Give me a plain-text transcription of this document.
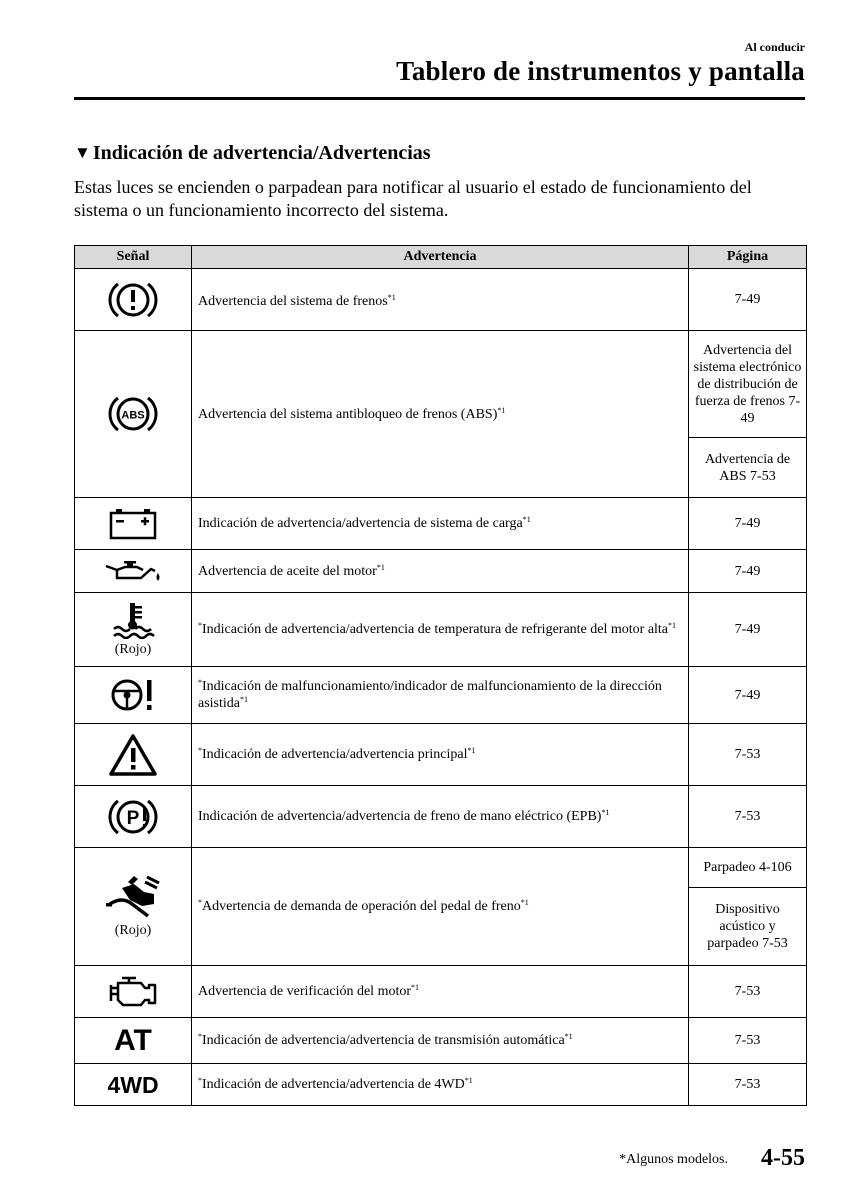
Al conducir
Tablero de instrumentos y pantalla
▼ Indicación de advertencia/Advertencias
Estas luces se encienden o parpadean para notificar al usuario el estado de funcionamiento del sistema o un funcionamiento incorrecto del sistema.
Señal	Advertencia	Página

	Advertencia del sistema de frenos$^{*1}$	7-49

ABS	Advertencia del sistema antibloqueo de frenos (ABS)$^{*1}$	Advertencia del sistema electrónico de distribución de fuerza de frenos 7-49
		Advertencia de ABS 7-53

	Indicación de advertencia/advertencia de sistema de carga$^{*1}$	7-49

	Advertencia de aceite del motor$^{*1}$	7-49

(Rojo)	*Indicación de advertencia/advertencia de temperatura de refrigerante del motor alta$^{*1}$	7-49

	*Indicación de malfuncionamiento/indicador de malfuncionamiento de la dirección asistida$^{*1}$	7-49

	*Indicación de advertencia/advertencia principal$^{*1}$	7-53

P	Indicación de advertencia/advertencia de freno de mano eléctrico (EPB)$^{*1}$	7-53

(Rojo)	*Advertencia de demanda de operación del pedal de freno$^{*1}$	Parpadeo 4-106
		Dispositivo acústico y parpadeo 7-53

	Advertencia de verificación del motor$^{*1}$	7-53
AT	*Indicación de advertencia/advertencia de transmisión automática$^{*1}$	7-53
4WD	*Indicación de advertencia/advertencia de 4WD$^{*1}$	7-53
*Algunos modelos. 4-55
